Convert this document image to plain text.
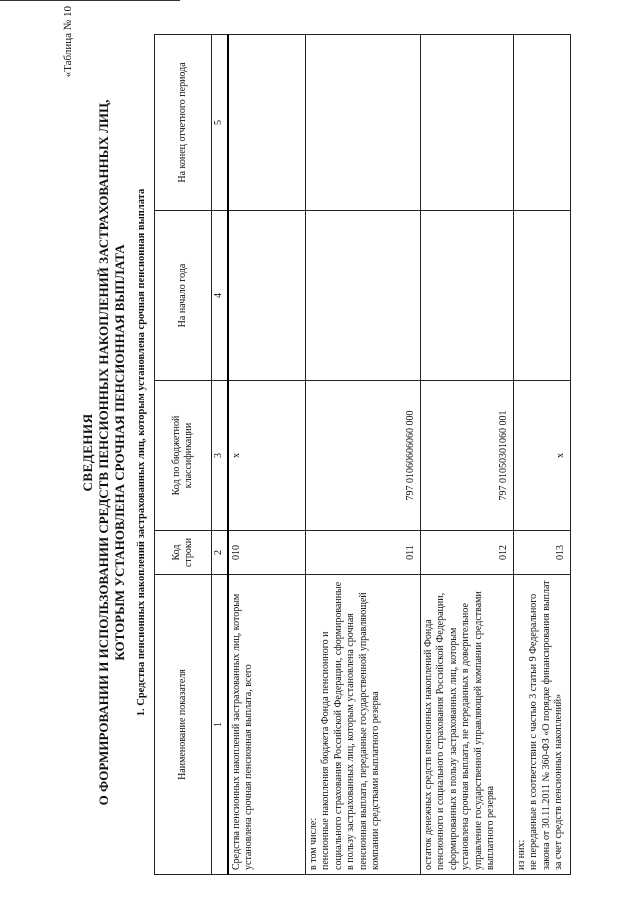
«Таблица № 10
СВЕДЕНИЯ О ФОРМИРОВАНИИ И ИСПОЛЬЗОВАНИИ СРЕДСТВ ПЕНСИОННЫХ НАКОПЛЕНИЙ ЗАСТРАХОВАННЫХ ЛИЦ, КОТОРЫМ УСТАНОВЛЕНА СРОЧНАЯ ПЕНСИОННАЯ ВЫПЛАТА 1. Средства пенсионных накоплений застрахованных лиц, которым установлена срочная пенсионная выплата
Наименование показателя	Код строки	Код по бюджетной классификации	На начало года	На конец отчетного периода
1	2	3	4	5
Средства пенсионных накоплений застрахованных лиц, которым установлена срочная пенсионная выплата, всего	010	x		

в том числе: пенсионные накопления бюджета Фонда пенсионного и социального страхования Российской Федерации, сформированные в пользу застрахованных лиц, которым установлена срочная пенсионная выплата, переданные государственной управляющей компании средствами выплатного резерва	011	797 01060606060 000		
остаток денежных средств пенсионных накоплений Фонда пенсионного и социального страхования Российской Федерации, сформированных в пользу застрахованных лиц, которым установлена срочная выплата, не переданных в доверительное управление государственной управляющей компании средствами выплатного резерва	012	797 01050301060 001		

из них: не переданные в соответствии с частью 3 статьи 9 Федерального закона от 30.11.2011 № 360-ФЗ «О порядке финансирования выплат за счет средств пенсионных накоплений»	013	x		
